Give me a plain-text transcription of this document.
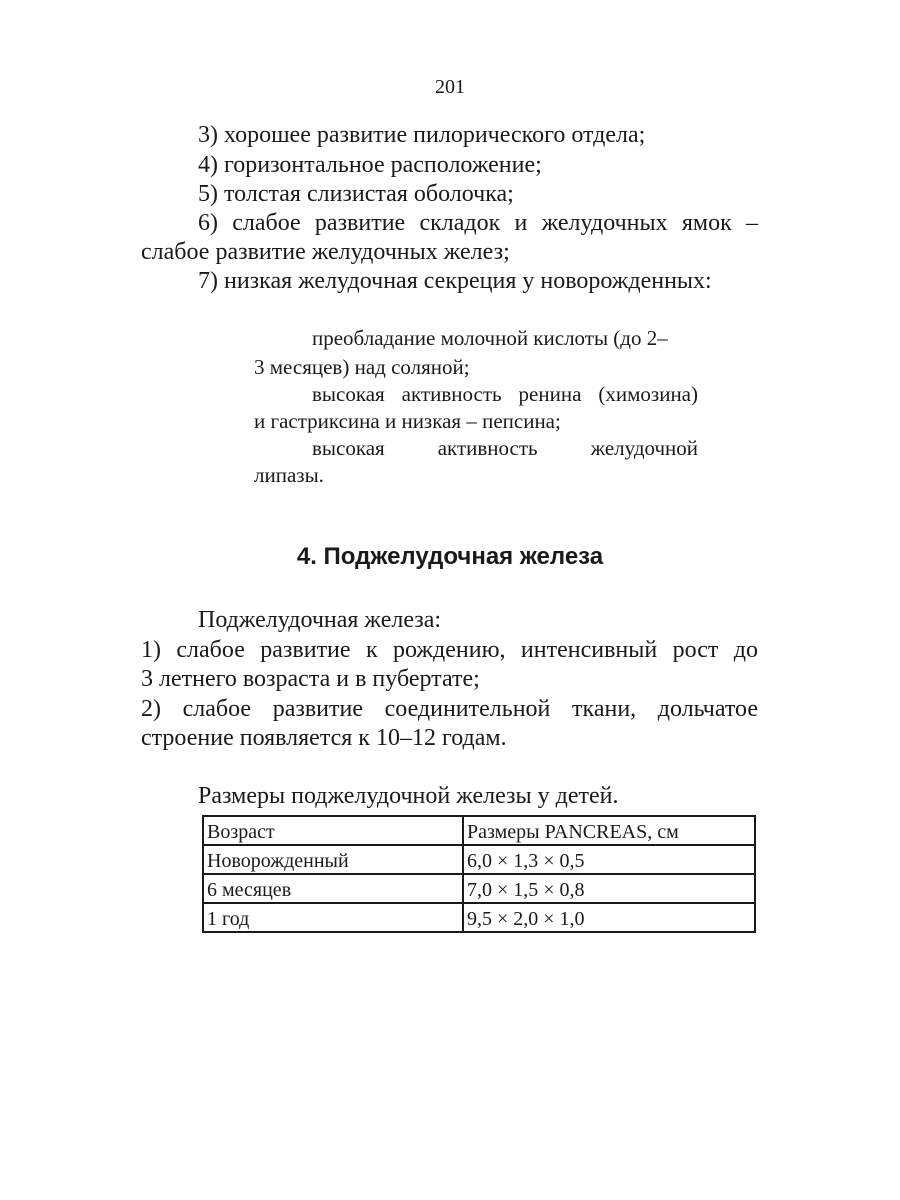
201
3) хорошее развитие пилорического отдела;
4) горизонтальное расположение;
5) толстая слизистая оболочка;
6) слабое развитие складок и желудочных ямок –
слабое развитие желудочных желез;
7) низкая желудочная секреция у новорожденных:
преобладание молочной кислоты (до 2–
3 месяцев) над соляной;
высокая активность ренина (химозина)
и гастриксина и низкая – пепсина;
высокая активность желудочной
липазы.
4. Поджелудочная железа
Поджелудочная железа:
1) слабое развитие к рождению, интенсивный рост до
3 летнего возраста и в пубертате;
2) слабое развитие соединительной ткани, дольчатое
строение появляется к 10–12 годам.
Размеры поджелудочной железы у детей.
Возраст	Размеры PANCREAS, см
Новорожденный	6,0 × 1,3 × 0,5
6 месяцев	7,0 × 1,5 × 0,8
1 год	9,5 × 2,0 × 1,0
